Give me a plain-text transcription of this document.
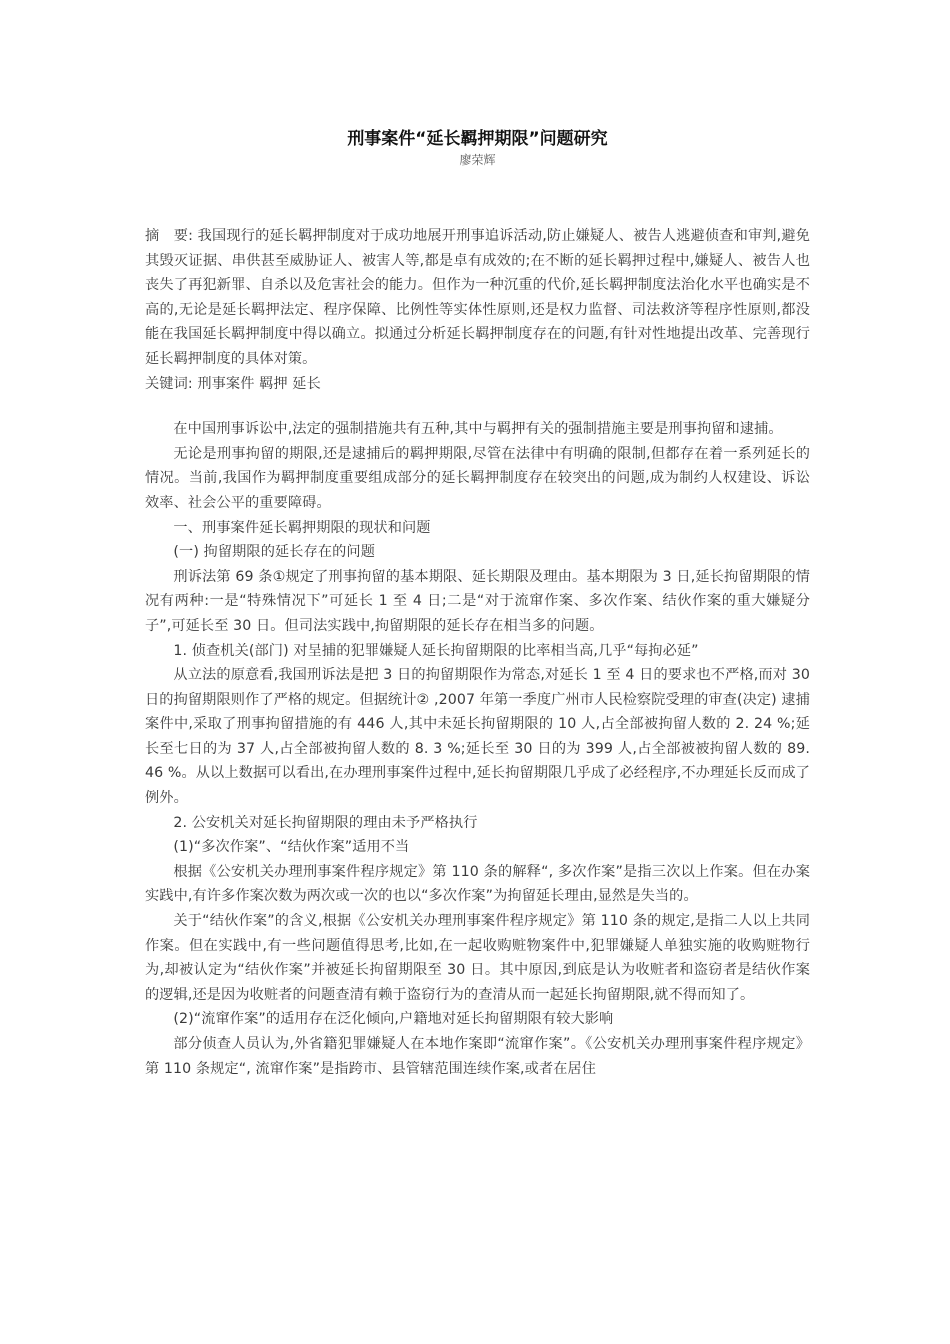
刑事案件“延长羁押期限”问题研究
廖荣辉

摘　要: 我国现行的延长羁押制度对于成功地展开刑事追诉活动,防止嫌疑人、被告人逃避侦查和审判,避免其毁灭证据、串供甚至威胁证人、被害人等,都是卓有成效的;在不断的延长羁押过程中,嫌疑人、被告人也丧失了再犯新罪、自杀以及危害社会的能力。但作为一种沉重的代价,延长羁押制度法治化水平也确实是不高的,无论是延长羁押法定、程序保障、比例性等实体性原则,还是权力监督、司法救济等程序性原则,都没能在我国延长羁押制度中得以确立。拟通过分析延长羁押制度存在的问题,有针对性地提出改革、完善现行延长羁押制度的具体对策。

关键词: 刑事案件 羁押 延长

在中国刑事诉讼中,法定的强制措施共有五种,其中与羁押有关的强制措施主要是刑事拘留和逮捕。

无论是刑事拘留的期限,还是逮捕后的羁押期限,尽管在法律中有明确的限制,但都存在着一系列延长的情况。当前,我国作为羁押制度重要组成部分的延长羁押制度存在较突出的问题,成为制约人权建设、诉讼效率、社会公平的重要障碍。

一、刑事案件延长羁押期限的现状和问题

(一) 拘留期限的延长存在的问题

刑诉法第 69 条①规定了刑事拘留的基本期限、延长期限及理由。基本期限为 3 日,延长拘留期限的情况有两种:一是“特殊情况下”可延长 1 至 4 日;二是“对于流窜作案、多次作案、结伙作案的重大嫌疑分子”,可延长至 30 日。但司法实践中,拘留期限的延长存在相当多的问题。

1. 侦查机关(部门) 对呈捕的犯罪嫌疑人延长拘留期限的比率相当高,几乎“每拘必延”

从立法的原意看,我国刑诉法是把 3 日的拘留期限作为常态,对延长 1 至 4 日的要求也不严格,而对 30 日的拘留期限则作了严格的规定。但据统计② ,2007 年第一季度广州市人民检察院受理的审查(决定) 逮捕案件中,采取了刑事拘留措施的有 446 人,其中未延长拘留期限的 10 人,占全部被拘留人数的 2. 24 %;延长至七日的为 37 人,占全部被拘留人数的 8. 3 %;延长至 30 日的为 399 人,占全部被被拘留人数的 89. 46 %。从以上数据可以看出,在办理刑事案件过程中,延长拘留期限几乎成了必经程序,不办理延长反而成了例外。

2. 公安机关对延长拘留期限的理由未予严格执行

(1)“多次作案”、“结伙作案”适用不当

根据《公安机关办理刑事案件程序规定》第 110 条的解释“, 多次作案”是指三次以上作案。但在办案实践中,有许多作案次数为两次或一次的也以“多次作案”为拘留延长理由,显然是失当的。

关于“结伙作案”的含义,根据《公安机关办理刑事案件程序规定》第 110 条的规定,是指二人以上共同作案。但在实践中,有一些问题值得思考,比如,在一起收购赃物案件中,犯罪嫌疑人单独实施的收购赃物行为,却被认定为“结伙作案”并被延长拘留期限至 30 日。其中原因,到底是认为收赃者和盗窃者是结伙作案的逻辑,还是因为收赃者的问题查清有赖于盗窃行为的查清从而一起延长拘留期限,就不得而知了。

(2)“流窜作案”的适用存在泛化倾向,户籍地对延长拘留期限有较大影响

部分侦查人员认为,外省籍犯罪嫌疑人在本地作案即“流窜作案”。《公安机关办理刑事案件程序规定》第 110 条规定“, 流窜作案”是指跨市、县管辖范围连续作案,或者在居住
